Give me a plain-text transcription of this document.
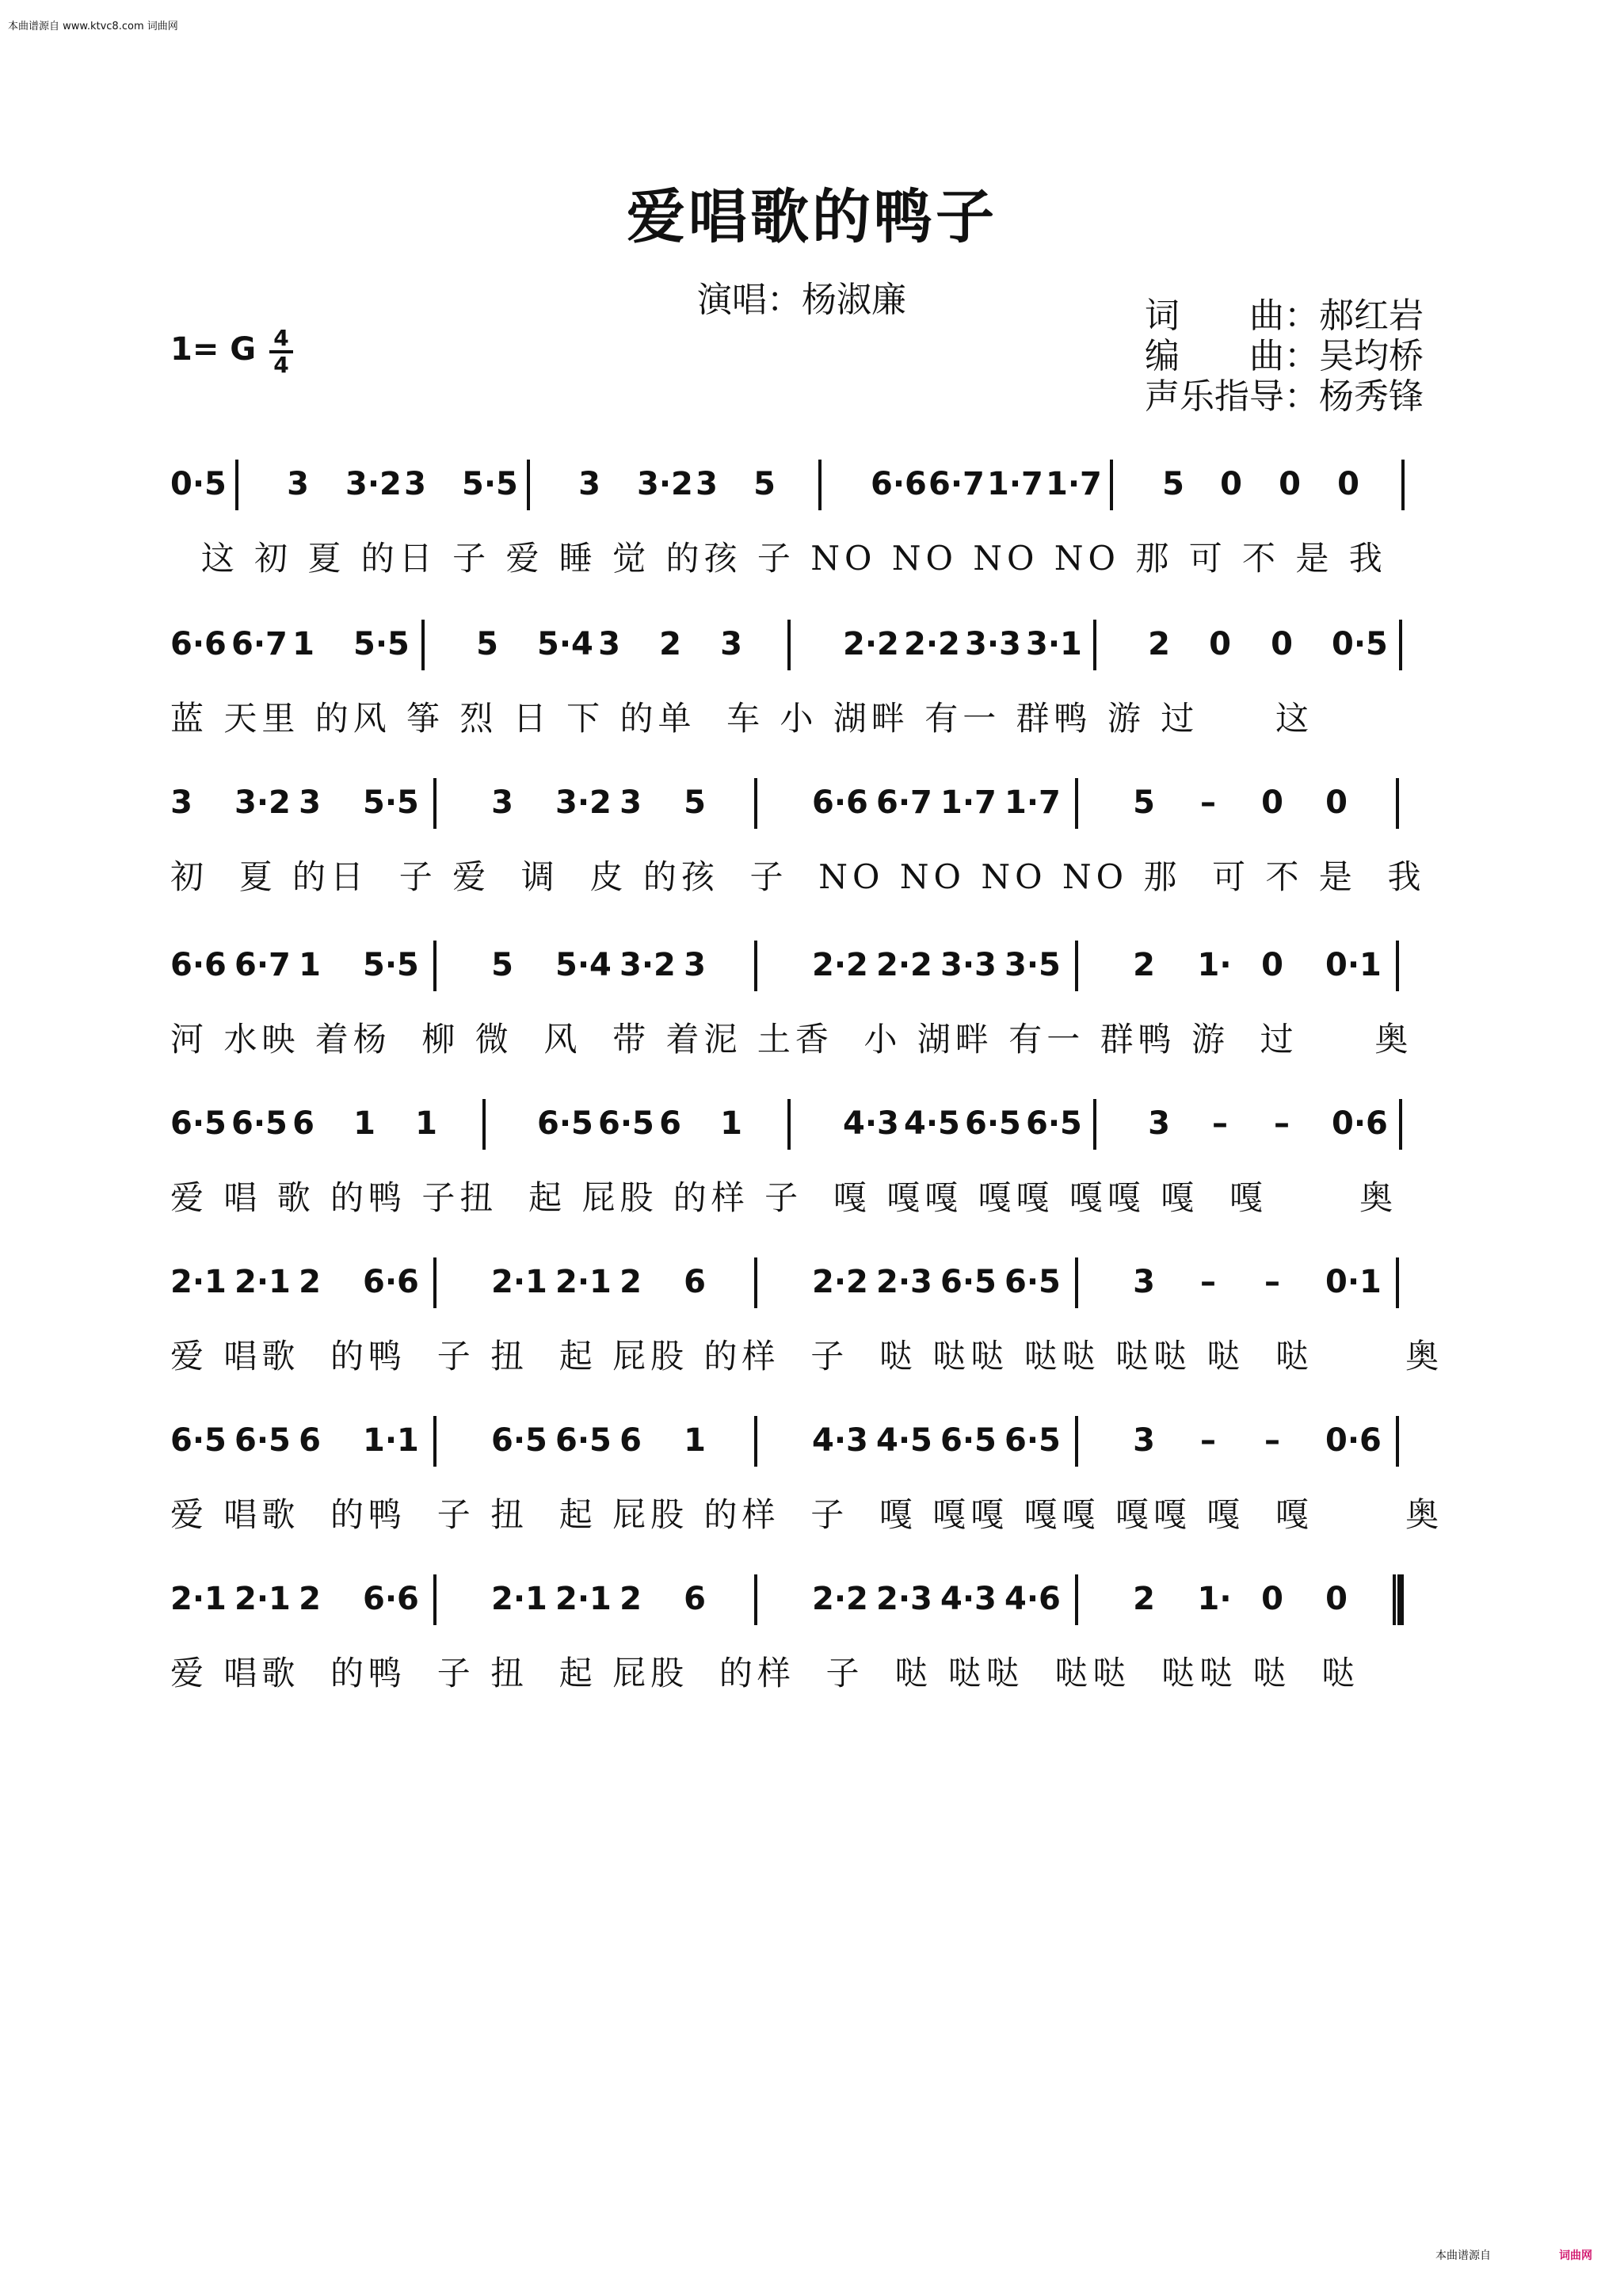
本曲谱源自 www.ktvc8.com 词曲网
爱唱歌的鸭子
演唱：杨淑廉	词　　曲：郝红岩
编　　曲：吴均桥
声乐指导：杨秀锋
1= G 4
4
0·5 3 3·2 3 5·5 3 3·2 3 5	6·6 6·7 1·7 1·7 5 0 0 0
这 初 夏 的日 子 爱 睡 觉 的孩 子 NO NO NO NO 那 可 不 是 我
6·6 6·7 1 5·5 5 5·4 3 2 3	2·2 2·2 3·3 3·1 2 0 0 0·5
蓝 天里 的风 筝 烈 日 下 的单  车 小 湖畔 有一 群鸭 游 过     这
3 3·2 3 5·5 3 3·2 3 5	6·6 6·7 1·7 1·7 5 – 0 0
初  夏 的日  子 爱  调  皮 的孩  子  NO NO NO NO 那  可 不 是  我
6·6 6·7 1 5·5 5 5·4 3·2 3	2·2 2·2 3·3 3·5 2 1· 0 0·1
河 水映 着杨  柳 微  风  带 着泥 土香  小 湖畔 有一 群鸭 游  过     奥
6·5 6·5 6 1 1	6·5 6·5 6 1	4·3 4·5 6·5 6·5 3 – – 0·6
爱 唱 歌 的鸭 子扭  起 屁股 的样 子  嘎 嘎嘎 嘎嘎 嘎嘎 嘎  嘎      奥
2·1 2·1 2 6·6 2·1 2·1 2 6	2·2 2·3 6·5 6·5 3 – – 0·1
爱 唱歌  的鸭  子 扭  起 屁股 的样  子  哒 哒哒 哒哒 哒哒 哒  哒      奥
6·5 6·5 6 1·1 6·5 6·5 6 1	4·3 4·5 6·5 6·5 3 – – 0·6
爱 唱歌  的鸭  子 扭  起 屁股 的样  子  嘎 嘎嘎 嘎嘎 嘎嘎 嘎  嘎      奥
2·1 2·1 2 6·6 2·1 2·1 2 6	2·2 2·3 4·3 4·6 2 1· 0 0
爱 唱歌  的鸭  子 扭  起 屁股  的样  子  哒 哒哒  哒哒  哒哒 哒  哒
本曲谱源自	词曲网
